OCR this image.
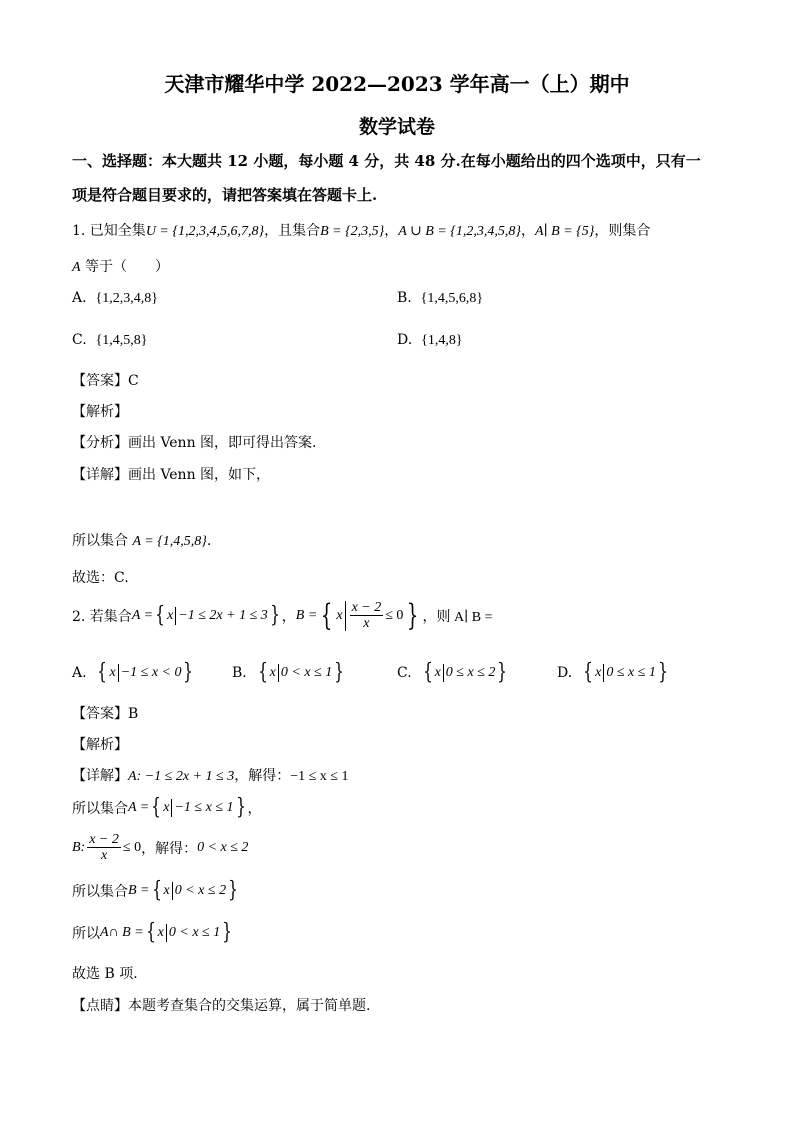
天津市耀华中学 2022—2023 学年高一（上）期中
数学试卷
一、选择题：本大题共 12 小题，每小题 4 分，共 48 分.在每小题给出的四个选项中，只有一
项是符合题目要求的，请把答案填在答题卡上.
1. 已知全集U = {1,2,3,4,5,6,7,8}，且集合B = {2,3,5}，A ∪ B = {1,2,3,4,5,8}，A∣ B = {5}，则集合
A 等于（　　）
A. {1,2,3,4,8}	B. {1,4,5,6,8}
C. {1,4,5,8}	D. {1,4,8}
【答案】C
【解析】
【分析】画出 Venn 图，即可得出答案.
【详解】画出 Venn 图，如下，
所以集合 A = {1,4,5,8}.
故选：C.
2. 若集合 A = { x −1 ≤ 2x + 1 ≤ 3 } ， B = { x $\frac{x - 2}{x} \le 0$ } ，则 A∣ B =
A.
{ x −1 ≤ x < 0 }	B.
{ x 0 < x ≤ 1 }	C.
{ x 0 ≤ x ≤ 2 }	D.
{ x 0 ≤ x ≤ 1 }
【答案】B
【解析】
【详解】A: −1 ≤ 2x + 1 ≤ 3，解得：−1 ≤ x ≤ 1
所以集合 A = { x −1 ≤ x ≤ 1 } ，
B: $\frac{x - 2}{x} \le 0$ ，解得： 0 < x ≤ 2
所以集合 B = { x 0 < x ≤ 2 }
所以 A∩ B = { x 0 < x ≤ 1 }
故选 B 项.
【点睛】本题考查集合的交集运算，属于简单题.
